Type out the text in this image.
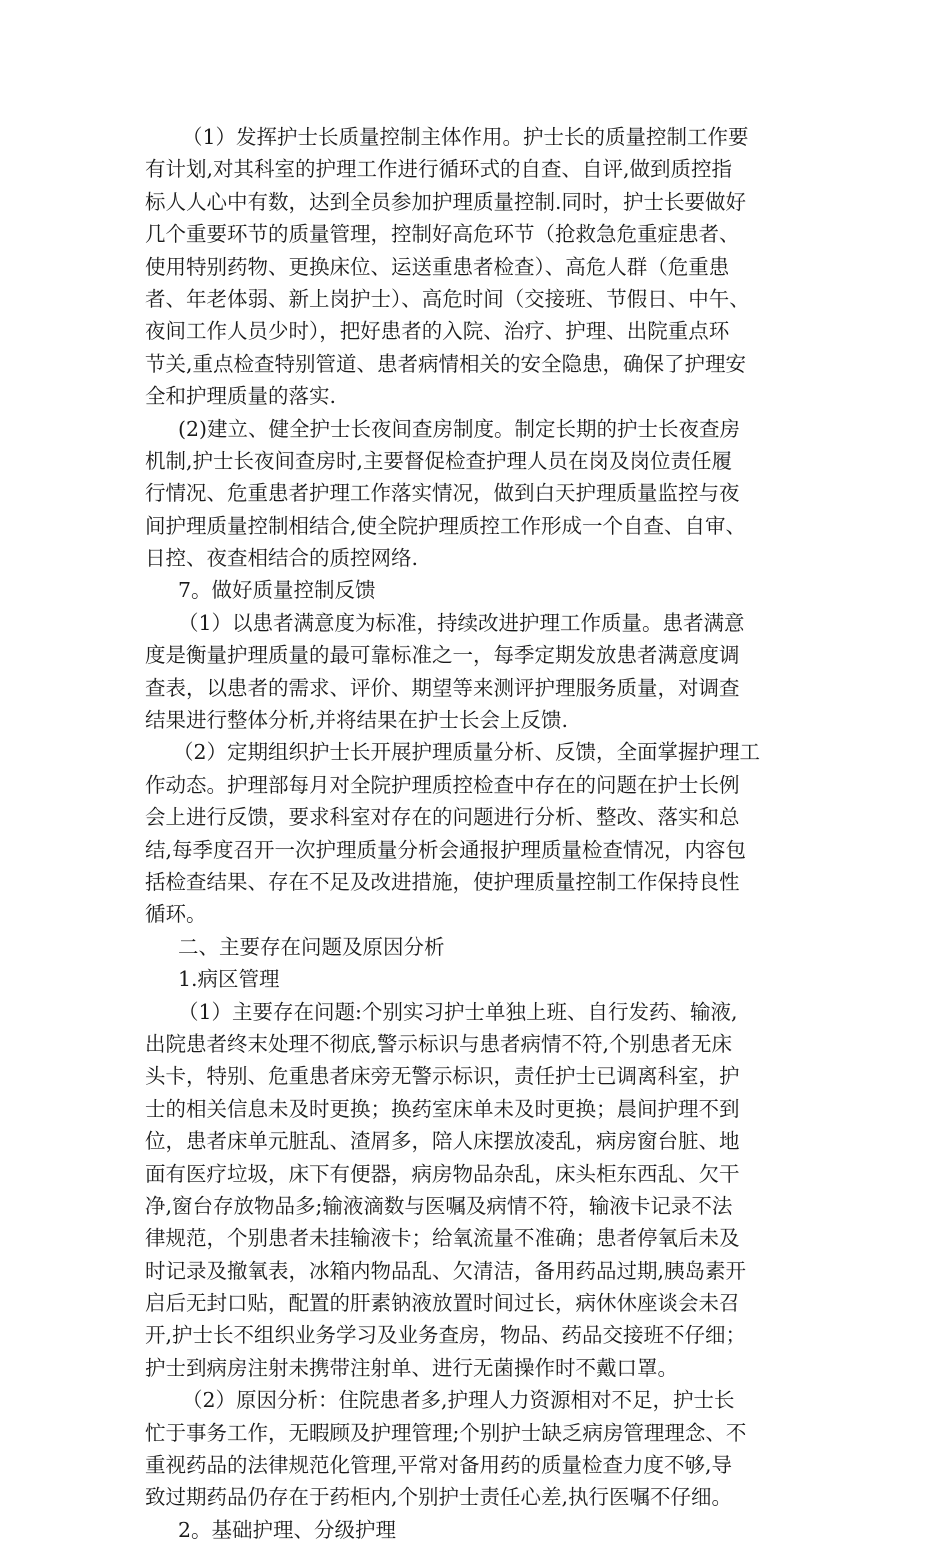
（1）发挥护士长质量控制主体作用。护士长的质量控制工作要
有计划,对其科室的护理工作进行循环式的自查、自评,做到质控指
标人人心中有数，达到全员参加护理质量控制.同时，护士长要做好
几个重要环节的质量管理，控制好高危环节（抢救急危重症患者、
使用特别药物、更换床位、运送重患者检查）、高危人群（危重患
者、年老体弱、新上岗护士）、高危时间（交接班、节假日、中午、
夜间工作人员少时），把好患者的入院、治疗、护理、出院重点环
节关,重点检查特别管道、患者病情相关的安全隐患，确保了护理安
全和护理质量的落实.
(2)建立、健全护士长夜间查房制度。制定长期的护士长夜查房
机制,护士长夜间查房时,主要督促检查护理人员在岗及岗位责任履
行情况、危重患者护理工作落实情况，做到白天护理质量监控与夜
间护理质量控制相结合,使全院护理质控工作形成一个自查、自审、
日控、夜查相结合的质控网络.
7。做好质量控制反馈
（1）以患者满意度为标准，持续改进护理工作质量。患者满意
度是衡量护理质量的最可靠标准之一，每季定期发放患者满意度调
查表，以患者的需求、评价、期望等来测评护理服务质量，对调查
结果进行整体分析,并将结果在护士长会上反馈.
（2）定期组织护士长开展护理质量分析、反馈，全面掌握护理工
作动态。护理部每月对全院护理质控检查中存在的问题在护士长例
会上进行反馈，要求科室对存在的问题进行分析、整改、落实和总
结,每季度召开一次护理质量分析会通报护理质量检查情况，内容包
括检查结果、存在不足及改进措施，使护理质量控制工作保持良性
循环。
二、主要存在问题及原因分析
1.病区管理
（1）主要存在问题:个别实习护士单独上班、自行发药、输液,
出院患者终末处理不彻底,警示标识与患者病情不符,个别患者无床
头卡，特别、危重患者床旁无警示标识，责任护士已调离科室，护
士的相关信息未及时更换；换药室床单未及时更换；晨间护理不到
位，患者床单元脏乱、渣屑多，陪人床摆放凌乱，病房窗台脏、地
面有医疗垃圾，床下有便器，病房物品杂乱，床头柜东西乱、欠干
净,窗台存放物品多;输液滴数与医嘱及病情不符，输液卡记录不法
律规范，个别患者未挂输液卡；给氧流量不准确；患者停氧后未及
时记录及撤氧表，冰箱内物品乱、欠清洁，备用药品过期,胰岛素开
启后无封口贴，配置的肝素钠液放置时间过长，病休休座谈会未召
开,护士长不组织业务学习及业务查房，物品、药品交接班不仔细；
护士到病房注射未携带注射单、进行无菌操作时不戴口罩。
（2）原因分析：住院患者多,护理人力资源相对不足，护士长
忙于事务工作，无暇顾及护理管理;个别护士缺乏病房管理理念、不
重视药品的法律规范化管理,平常对备用药的质量检查力度不够,导
致过期药品仍存在于药柜内,个别护士责任心差,执行医嘱不仔细。
2。基础护理、分级护理
